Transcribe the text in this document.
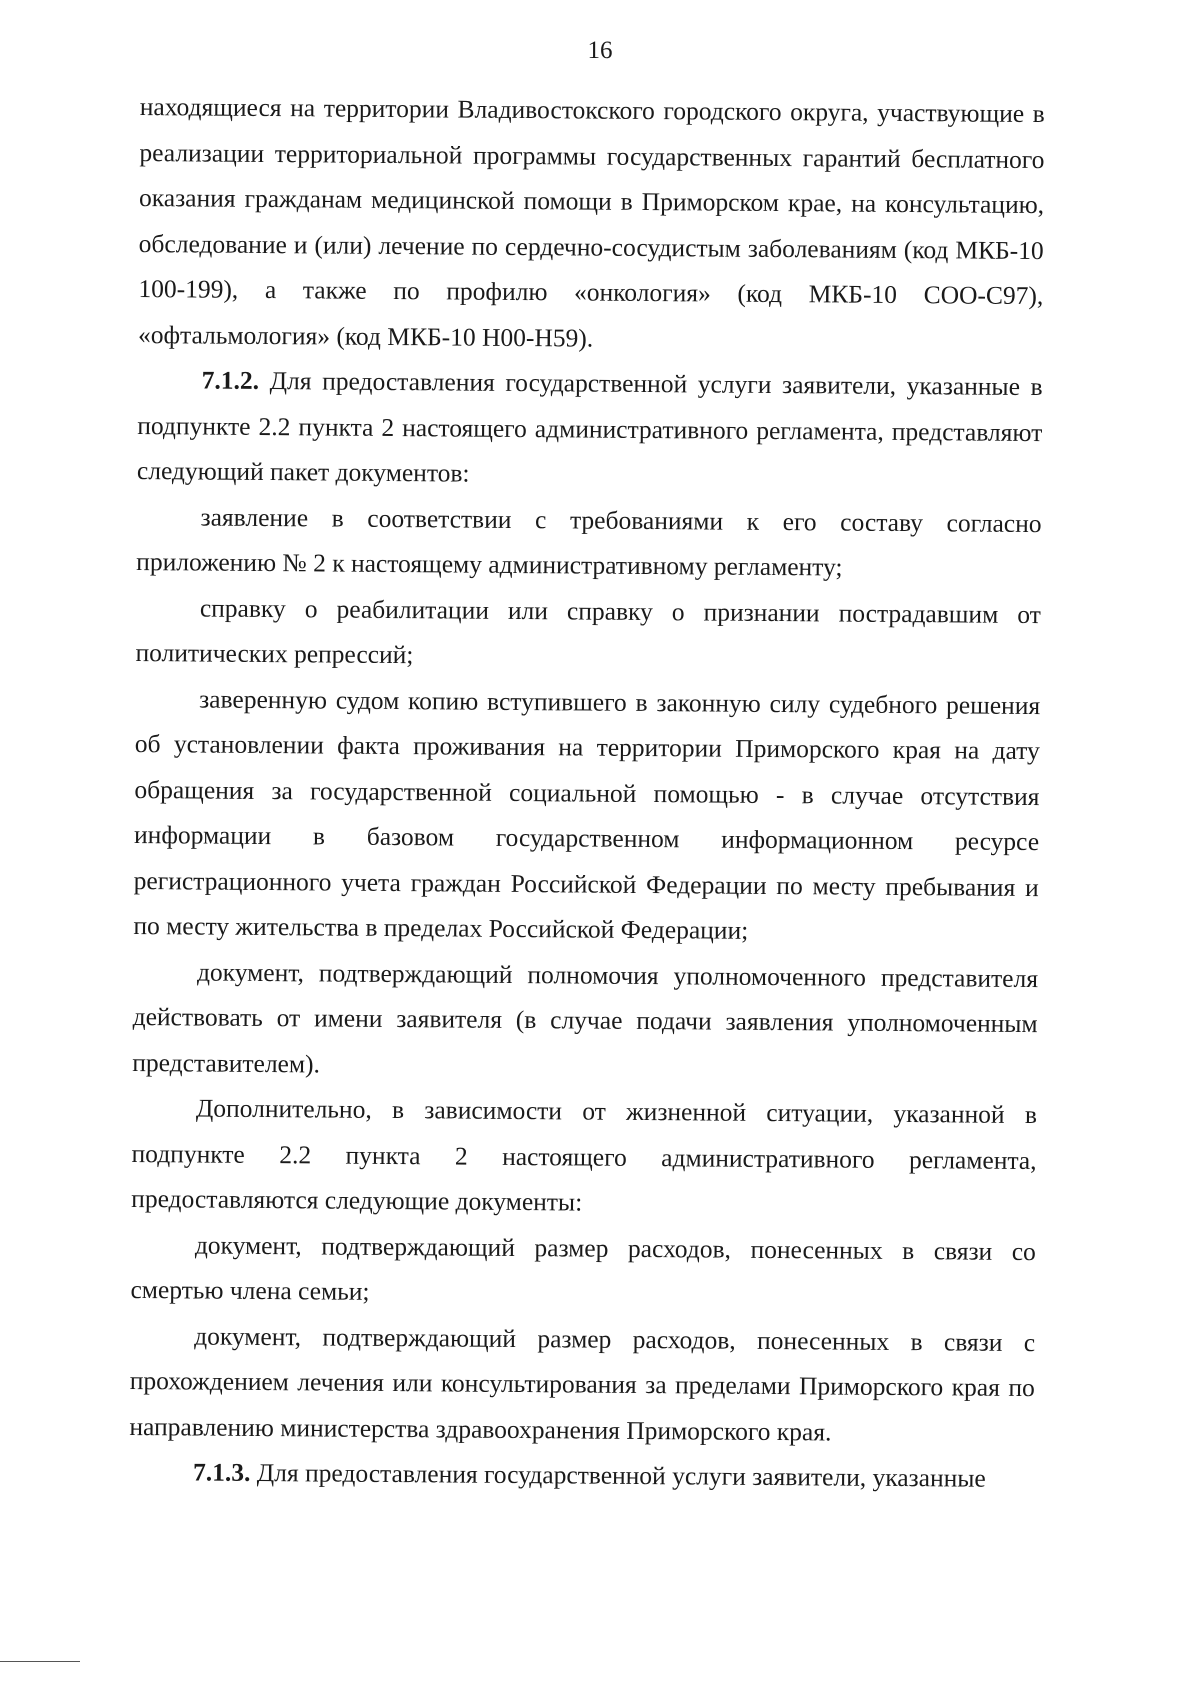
16

находящиеся на территории Владивостокского городского округа, участвующие в реализации территориальной программы государственных гарантий бесплатного оказания гражданам медицинской помощи в Приморском крае, на консультацию, обследование и (или) лечение по сердечно-сосудистым заболеваниям (код МКБ-10 100-199), а также по профилю «онкология» (код МКБ-10 СОО-С97), «офтальмология» (код МКБ-10 Н00-Н59).

7.1.2. Для предоставления государственной услуги заявители, указанные в подпункте 2.2 пункта 2 настоящего административного регламента, представляют следующий пакет документов:

заявление в соответствии с требованиями к его составу согласно приложению № 2 к настоящему административному регламенту;

справку о реабилитации или справку о признании пострадавшим от политических репрессий;

заверенную судом копию вступившего в законную силу судебного решения об установлении факта проживания на территории Приморского края на дату обращения за государственной социальной помощью - в случае отсутствия информации в базовом государственном информационном ресурсе регистрационного учета граждан Российской Федерации по месту пребывания и по месту жительства в пределах Российской Федерации;

документ, подтверждающий полномочия уполномоченного представителя действовать от имени заявителя (в случае подачи заявления уполномоченным представителем).

Дополнительно, в зависимости от жизненной ситуации, указанной в подпункте 2.2 пункта 2 настоящего административного регламента, предоставляются следующие документы:

документ, подтверждающий размер расходов, понесенных в связи со смертью члена семьи;

документ, подтверждающий размер расходов, понесенных в связи с прохождением лечения или консультирования за пределами Приморского края по направлению министерства здравоохранения Приморского края.

7.1.3. Для предоставления государственной услуги заявители, указанные
